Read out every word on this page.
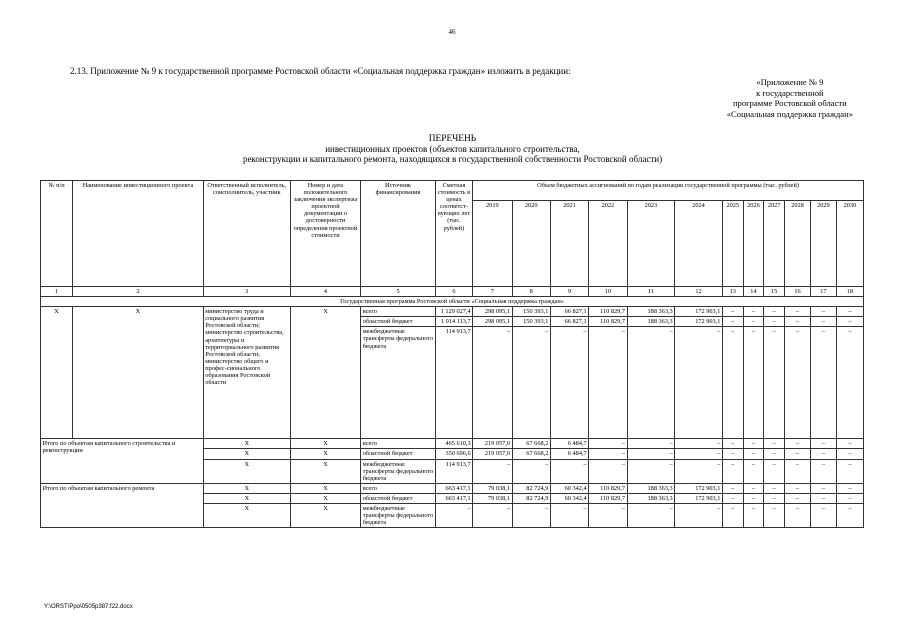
46
2.13. Приложение № 9 к государственной программе Ростовской области «Социальная поддержка граждан» изложить в редакции:
«Приложение № 9
к государственной
программе Ростовской области
«Социальная поддержка граждан»
ПЕРЕЧЕНЬ
инвестиционных проектов (объектов капитального строительства,
реконструкции и капитального ремонта, находящихся в государственной собственности Ростовской области)
№ п/п	Наименование инвестиционного проекта	Ответственный исполнитель, соисполнитель, участник	Номер и дата положительного заключения экспертизы проектной документации о достоверности определения проектной стоимости	Источник финансирования	Сметная стоимость в ценах соответст-вующих лет (тыс. рублей)	Объем бюджетных ассигнований по годам реализации государственной программы (тыс. рублей)											
						2019	2020	2021	2022	2023	2024	2025	2026	2027	2028	2029	2030
1	2	3	4	5	6	7	8	9	10	11	12	13	14	15	16	17	18
Государственная программа Ростовской области «Социальная поддержка граждан»																	
X	X	министерство труда и социального развития Ростовской области; министерство строительства, архитектуры и территориального развития Ростовской области; министерство общего и профес-сионального образования Ростовской области	X	всего	1 129 027,4	298 095,1	150 393,1	66 827,1	110 829,7	188 363,3	172 903,1	–	–	–	–	–	–
				областной бюджет	1 014 113,7	298 095,1	150 393,1	66 827,1	110 829,7	188 363,3	172 903,1	–	–	–	–	–	–
				межбюджетные трансферты федерального бюджета	114 913,7	–	–	–	–	–	–	–	–	–	–	–	–
Итого по объектам капитального строительства и реконструкции		X	X	всего	465 610,3	219 057,0	67 668,2	6 484,7	–	–	–	–	–	–	–	–	–
		X	X	областной бюджет	350 696,6	219 057,0	67 668,2	6 484,7	–	–	–	–	–	–	–	–	–
		X	X	межбюджетные трансферты федерального бюджета	114 913,7	–	–	–	–	–	–	–	–	–	–	–	–
Итого по объектам капитального ремонта		X	X	всего	663 417,1	79 038,1	82 724,9	60 342,4	110 829,7	188 363,3	172 903,1	–	–	–	–	–	–
		X	X	областной бюджет	663 417,1	79 038,1	82 724,9	60 342,4	110 829,7	188 363,3	172 903,1	–	–	–	–	–	–
		X	X	межбюджетные трансферты федерального бюджета	–	–	–	–	–	–	–	–	–	–	–	–	–
Y:\ORST\Ppo\0505p387.f22.docx
